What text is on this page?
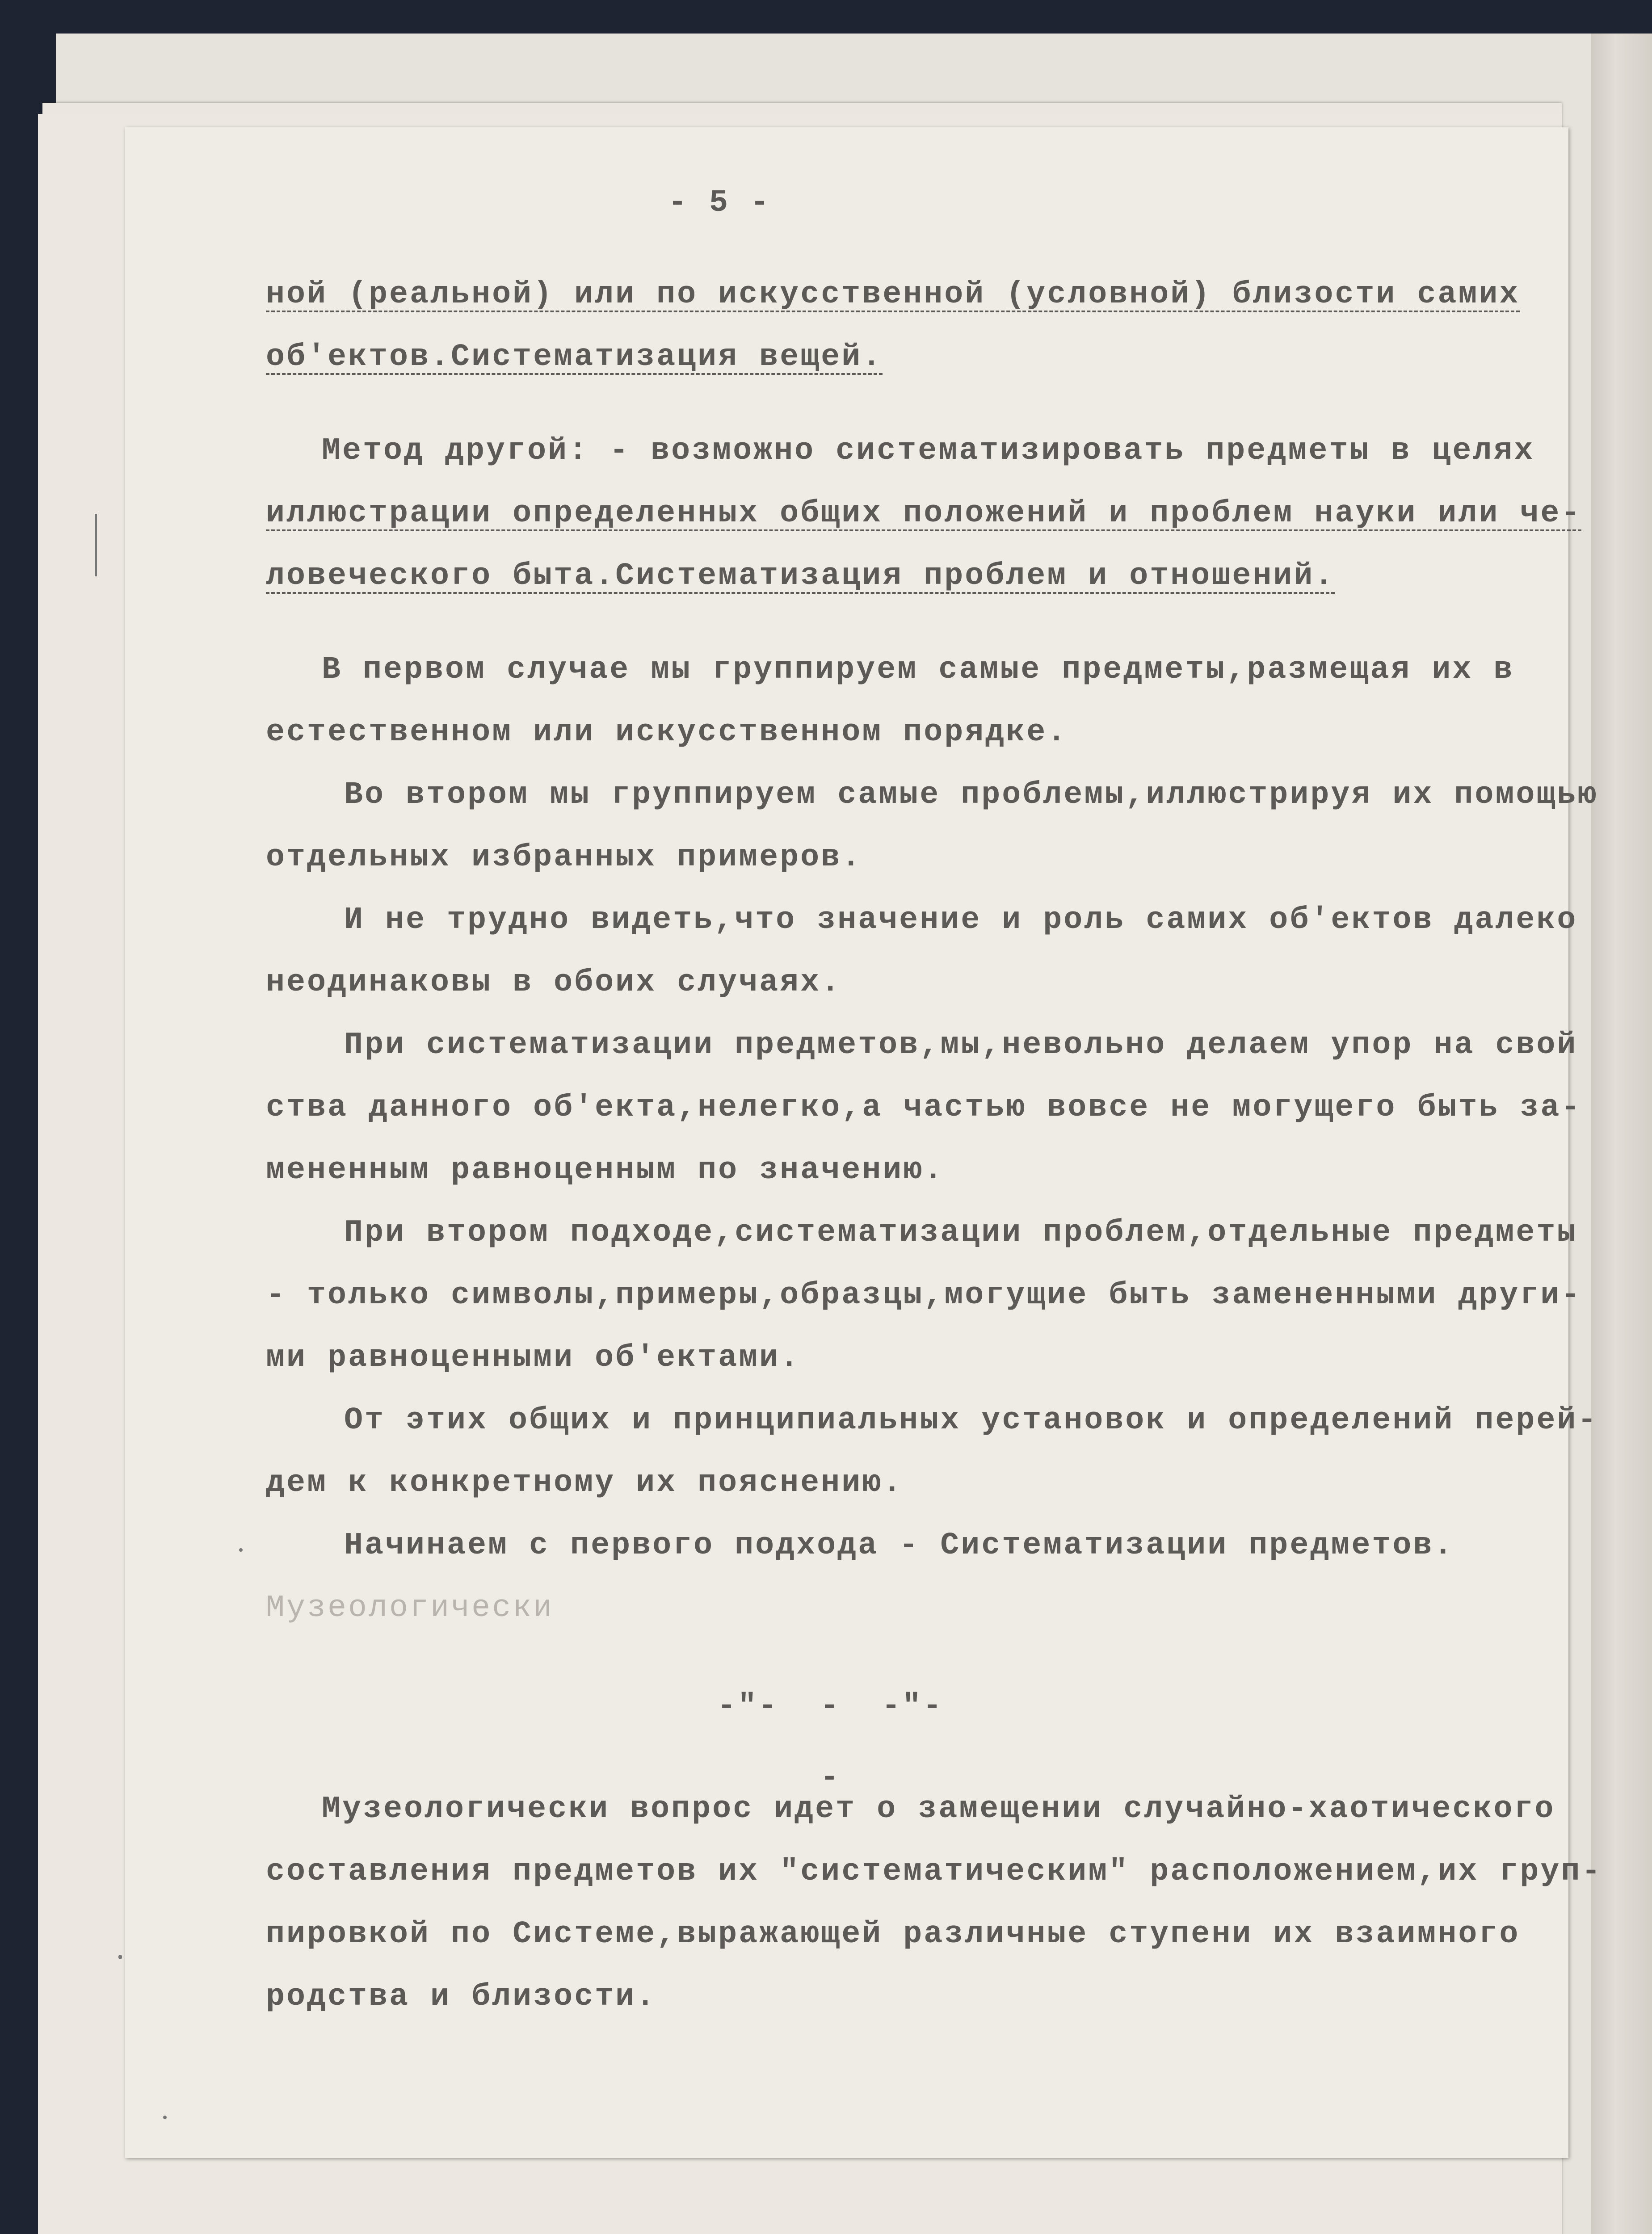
- 5 -
ной (реальной) или по искусственной (условной) близости самих
об'ектов.Систематизация вещей.
Метод другой: - возможно систематизировать предметы в целях
иллюстрации определенных общих положений и проблем науки или че-
ловеческого быта.Систематизация проблем и отношений.
В первом случае мы группируем самые предметы,размещая их в
естественном или искусственном порядке.
Во втором мы группируем самые проблемы,иллюстрируя их помощью
отдельных избранных примеров.
И не трудно видеть,что значение и роль самих об'ектов далеко
неодинаковы в обоих случаях.
При систематизации предметов,мы,невольно делаем упор на свой
ства данного об'екта,нелегко,а частью вовсе не могущего быть за-
мененным равноценным по значению.
При втором подходе,систематизации проблем,отдельные предметы
- только символы,примеры,образцы,могущие быть замененными други-
ми равноценными об'ектами.
От этих общих и принципиальных установок и определений перей-
дем к конкретному их пояснению.
Начинаем с первого подхода - Систематизации предметов.
Музеологически
-"-  -  -"-
-
Музеологически вопрос идет о замещении случайно-хаотического
составления предметов их "систематическим" расположением,их груп-
пировкой по Системе,выражающей различные ступени их взаимного
родства и близости.
